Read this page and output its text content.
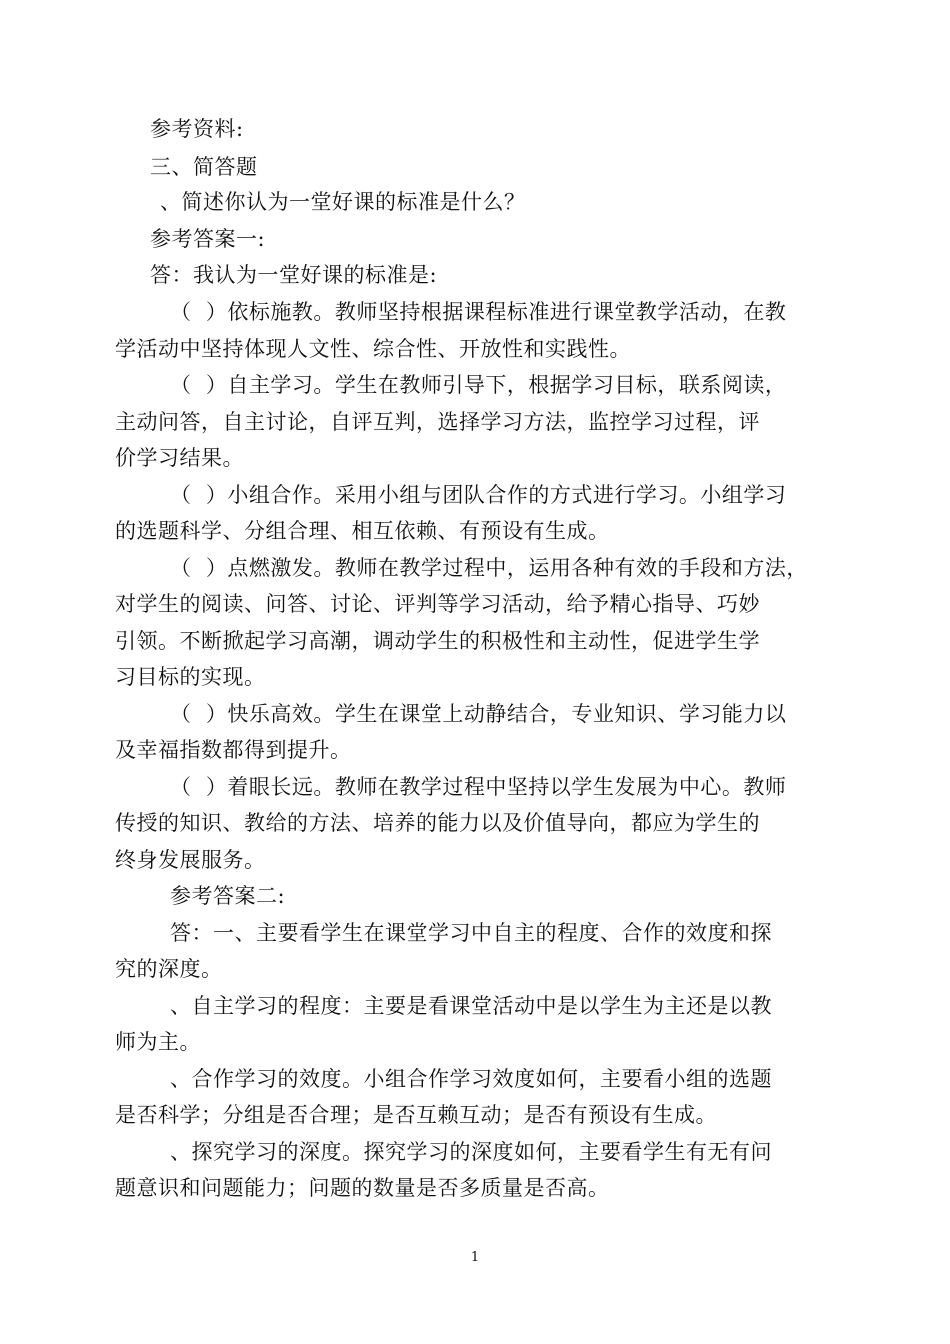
参考资料:
三、简答题
、简述你认为一堂好课的标准是什么？
参考答案一:
答：我认为一堂好课的标准是:
（  ）依标施教。教师坚持根据课程标准进行课堂教学活动，在教
学活动中坚持体现人文性、综合性、开放性和实践性。
（  ）自主学习。学生在教师引导下，根据学习目标，联系阅读，
主动问答，自主讨论，自评互判，选择学习方法，监控学习过程，评
价学习结果。
（  ）小组合作。采用小组与团队合作的方式进行学习。小组学习
的选题科学、分组合理、相互依赖、有预设有生成。
（  ）点燃激发。教师在教学过程中，运用各种有效的手段和方法，
对学生的阅读、问答、讨论、评判等学习活动，给予精心指导、巧妙
引领。不断掀起学习高潮，调动学生的积极性和主动性，促进学生学
习目标的实现。
（  ）快乐高效。学生在课堂上动静结合，专业知识、学习能力以
及幸福指数都得到提升。
（  ）着眼长远。教师在教学过程中坚持以学生发展为中心。教师
传授的知识、教给的方法、培养的能力以及价值导向，都应为学生的
终身发展服务。
参考答案二:
答：一、主要看学生在课堂学习中自主的程度、合作的效度和探
究的深度。
、自主学习的程度：主要是看课堂活动中是以学生为主还是以教
师为主。
、合作学习的效度。小组合作学习效度如何，主要看小组的选题
是否科学；分组是否合理；是否互赖互动；是否有预设有生成。
、探究学习的深度。探究学习的深度如何，主要看学生有无有问
题意识和问题能力；问题的数量是否多质量是否高。
1
